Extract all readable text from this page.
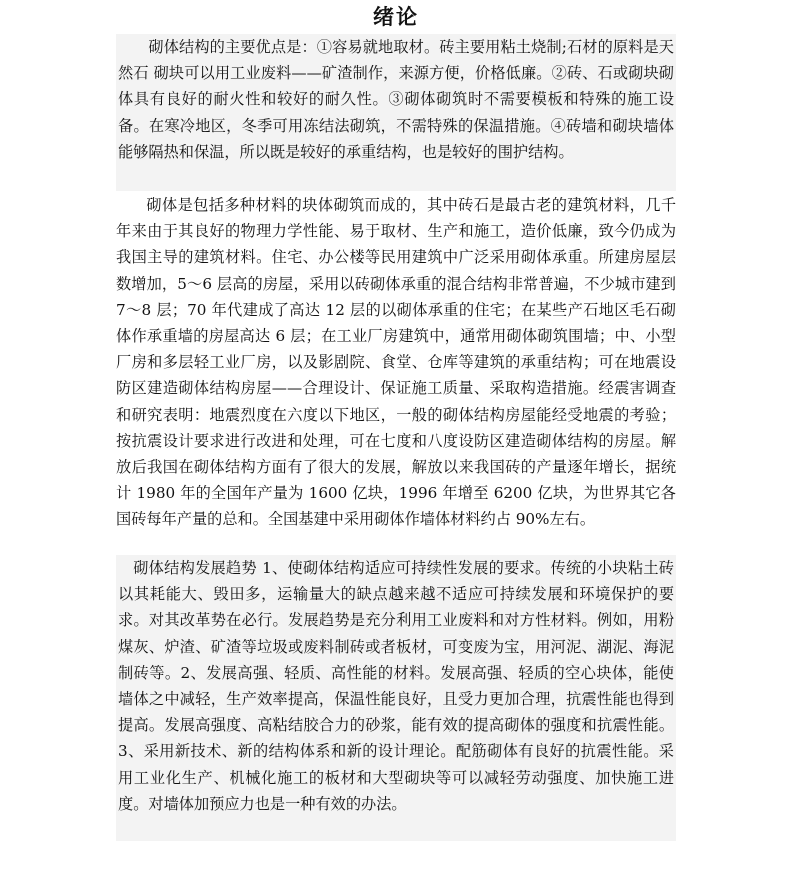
绪论

砌体结构的主要优点是：①容易就地取材。砖主要用粘土烧制;石材的原料是天然石 砌块可以用工业废料——矿渣制作，来源方便，价格低廉。②砖、石或砌块砌体具有良好的耐火性和较好的耐久性。③砌体砌筑时不需要模板和特殊的施工设备。在寒冷地区，冬季可用冻结法砌筑，不需特殊的保温措施。④砖墙和砌块墙体能够隔热和保温，所以既是较好的承重结构，也是较好的围护结构。

砌体是包括多种材料的块体砌筑而成的，其中砖石是最古老的建筑材料，几千年来由于其良好的物理力学性能、易于取材、生产和施工，造价低廉，致今仍成为我国主导的建筑材料。住宅、办公楼等民用建筑中广泛采用砌体承重。所建房屋层数增加，5～6 层高的房屋，采用以砖砌体承重的混合结构非常普遍，不少城市建到 7～8 层；70 年代建成了高达 12 层的以砌体承重的住宅；在某些产石地区毛石砌体作承重墙的房屋高达 6 层；在工业厂房建筑中，通常用砌体砌筑围墙；中、小型厂房和多层轻工业厂房，以及影剧院、食堂、仓库等建筑的承重结构；可在地震设防区建造砌体结构房屋——合理设计、保证施工质量、采取构造措施。经震害调查和研究表明：地震烈度在六度以下地区，一般的砌体结构房屋能经受地震的考验；按抗震设计要求进行改进和处理，可在七度和八度设防区建造砌体结构的房屋。解放后我国在砌体结构方面有了很大的发展，解放以来我国砖的产量逐年增长，据统计 1980 年的全国年产量为 1600 亿块，1996 年增至 6200 亿块，为世界其它各国砖每年产量的总和。全国基建中采用砌体作墙体材料约占 90%左右。

砌体结构发展趋势 1、使砌体结构适应可持续性发展的要求。传统的小块粘土砖以其耗能大、毁田多，运输量大的缺点越来越不适应可持续发展和环境保护的要求。对其改革势在必行。发展趋势是充分利用工业废料和对方性材料。例如，用粉煤灰、炉渣、矿渣等垃圾或废料制砖或者板材，可变废为宝，用河泥、湖泥、海泥制砖等。2、发展高强、轻质、高性能的材料。发展高强、轻质的空心块体，能使墙体之中减轻，生产效率提高，保温性能良好，且受力更加合理，抗震性能也得到提高。发展高强度、高粘结胶合力的砂浆，能有效的提高砌体的强度和抗震性能。3、采用新技术、新的结构体系和新的设计理论。配筋砌体有良好的抗震性能。采用工业化生产、机械化施工的板材和大型砌块等可以减轻劳动强度、加快施工进度。对墙体加预应力也是一种有效的办法。
